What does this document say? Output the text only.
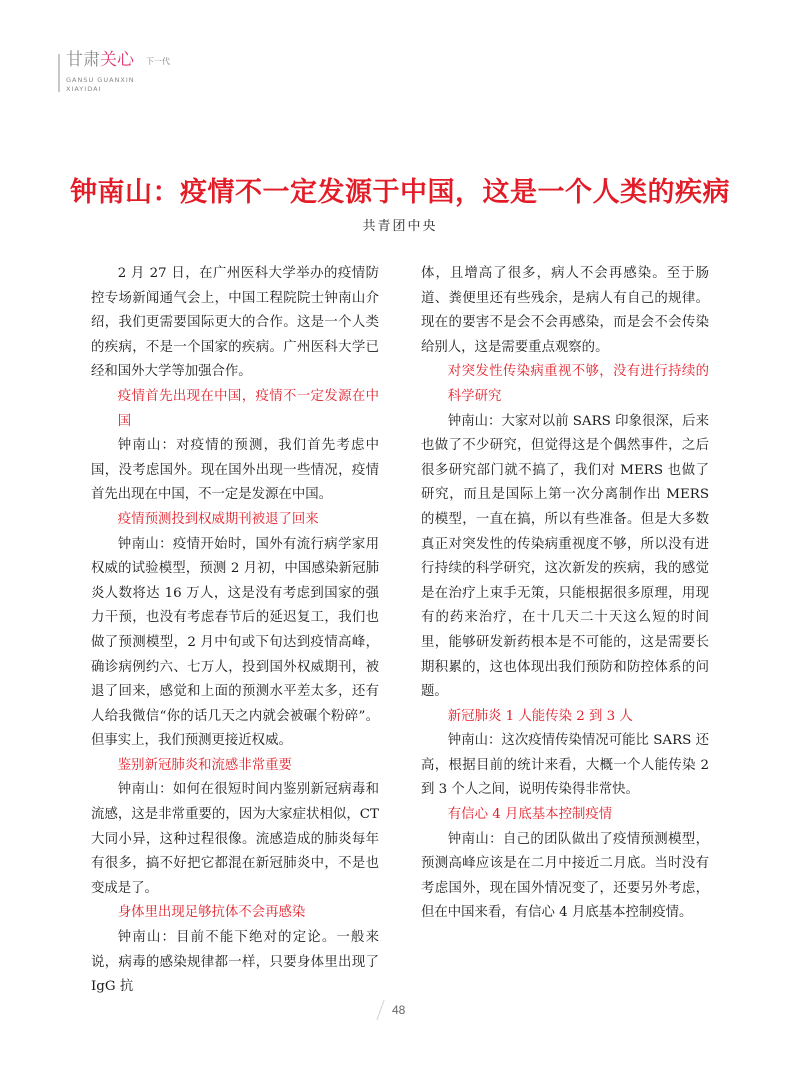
甘肃关心 下一代
GANSU GUANXIN
XIAYIDAI
钟南山：疫情不一定发源于中国，这是一个人类的疾病
共青团中央

2 月 27 日，在广州医科大学举办的疫情防控专场新闻通气会上，中国工程院院士钟南山介绍，我们更需要国际更大的合作。这是一个人类的疾病，不是一个国家的疾病。广州医科大学已经和国外大学等加强合作。

疫情首先出现在中国，疫情不一定发源在中国

钟南山：对疫情的预测，我们首先考虑中国，没考虑国外。现在国外出现一些情况，疫情首先出现在中国，不一定是发源在中国。

疫情预测投到权威期刊被退了回来

钟南山：疫情开始时，国外有流行病学家用权威的试验模型，预测 2 月初，中国感染新冠肺炎人数将达 16 万人，这是没有考虑到国家的强力干预，也没有考虑春节后的延迟复工，我们也做了预测模型，2 月中旬或下旬达到疫情高峰，确诊病例约六、七万人，投到国外权威期刊，被退了回来，感觉和上面的预测水平差太多，还有人给我微信“你的话几天之内就会被碾个粉碎”。但事实上，我们预测更接近权威。

鉴别新冠肺炎和流感非常重要

钟南山：如何在很短时间内鉴别新冠病毒和流感，这是非常重要的，因为大家症状相似，CT 大同小异，这种过程很像。流感造成的肺炎每年有很多，搞不好把它都混在新冠肺炎中，不是也变成是了。

身体里出现足够抗体不会再感染

钟南山：目前不能下绝对的定论。一般来说，病毒的感染规律都一样，只要身体里出现了 IgG 抗

体，且增高了很多，病人不会再感染。至于肠道、粪便里还有些残余，是病人有自己的规律。现在的要害不是会不会再感染，而是会不会传染给别人，这是需要重点观察的。

对突发性传染病重视不够，没有进行持续的科学研究

钟南山：大家对以前 SARS 印象很深，后来也做了不少研究，但觉得这是个偶然事件，之后很多研究部门就不搞了，我们对 MERS 也做了研究，而且是国际上第一次分离制作出 MERS 的模型，一直在搞，所以有些准备。但是大多数真正对突发性的传染病重视度不够，所以没有进行持续的科学研究，这次新发的疾病，我的感觉是在治疗上束手无策，只能根据很多原理，用现有的药来治疗，在十几天二十天这么短的时间里，能够研发新药根本是不可能的，这是需要长期积累的，这也体现出我们预防和防控体系的问题。

新冠肺炎 1 人能传染 2 到 3 人

钟南山：这次疫情传染情况可能比 SARS 还高，根据目前的统计来看，大概一个人能传染 2 到 3 个人之间，说明传染得非常快。

有信心 4 月底基本控制疫情

钟南山：自己的团队做出了疫情预测模型，预测高峰应该是在二月中接近二月底。当时没有考虑国外，现在国外情况变了，还要另外考虑，但在中国来看，有信心 4 月底基本控制疫情。

48
